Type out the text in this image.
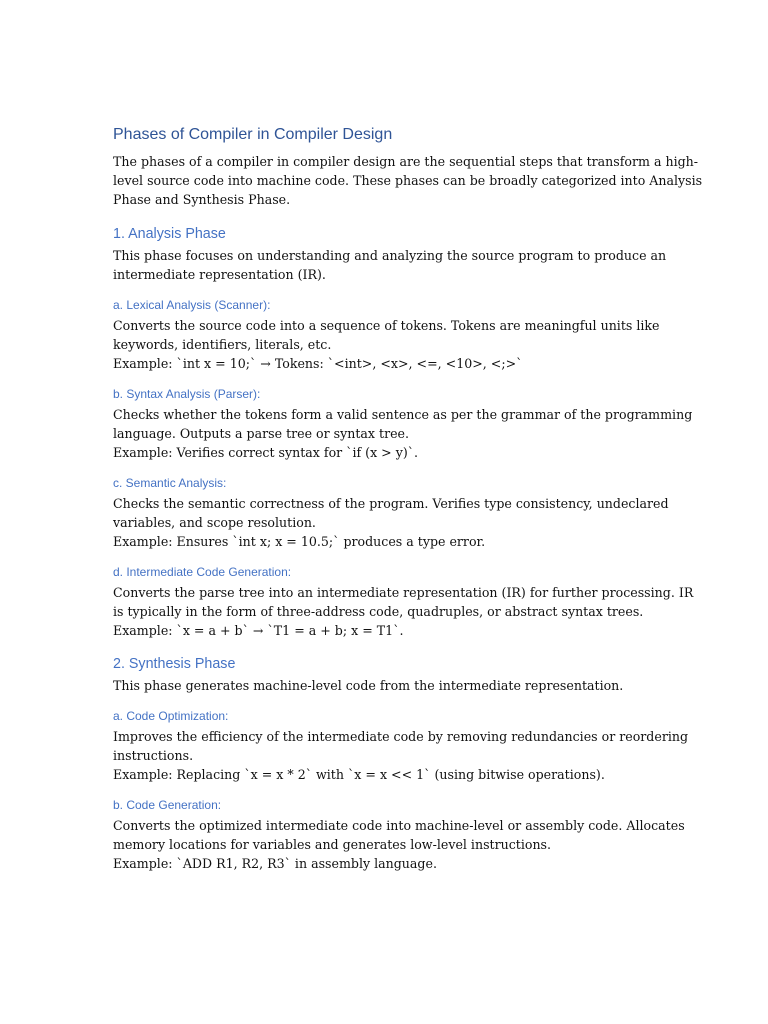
Phases of Compiler in Compiler Design

The phases of a compiler in compiler design are the sequential steps that transform a high-
level source code into machine code. These phases can be broadly categorized into Analysis
Phase and Synthesis Phase.

1. Analysis Phase

This phase focuses on understanding and analyzing the source program to produce an
intermediate representation (IR).

a. Lexical Analysis (Scanner):

Converts the source code into a sequence of tokens. Tokens are meaningful units like
keywords, identifiers, literals, etc.
Example: `int x = 10;` → Tokens: `<int>, <x>, <=, <10>, <;>`

b. Syntax Analysis (Parser):

Checks whether the tokens form a valid sentence as per the grammar of the programming
language. Outputs a parse tree or syntax tree.
Example: Verifies correct syntax for `if (x > y)`.

c. Semantic Analysis:

Checks the semantic correctness of the program. Verifies type consistency, undeclared
variables, and scope resolution.
Example: Ensures `int x; x = 10.5;` produces a type error.

d. Intermediate Code Generation:

Converts the parse tree into an intermediate representation (IR) for further processing. IR
is typically in the form of three-address code, quadruples, or abstract syntax trees.
Example: `x = a + b` → `T1 = a + b; x = T1`.

2. Synthesis Phase

This phase generates machine-level code from the intermediate representation.

a. Code Optimization:

Improves the efficiency of the intermediate code by removing redundancies or reordering
instructions.
Example: Replacing `x = x * 2` with `x = x << 1` (using bitwise operations).

b. Code Generation:

Converts the optimized intermediate code into machine-level or assembly code. Allocates
memory locations for variables and generates low-level instructions.
Example: `ADD R1, R2, R3` in assembly language.
